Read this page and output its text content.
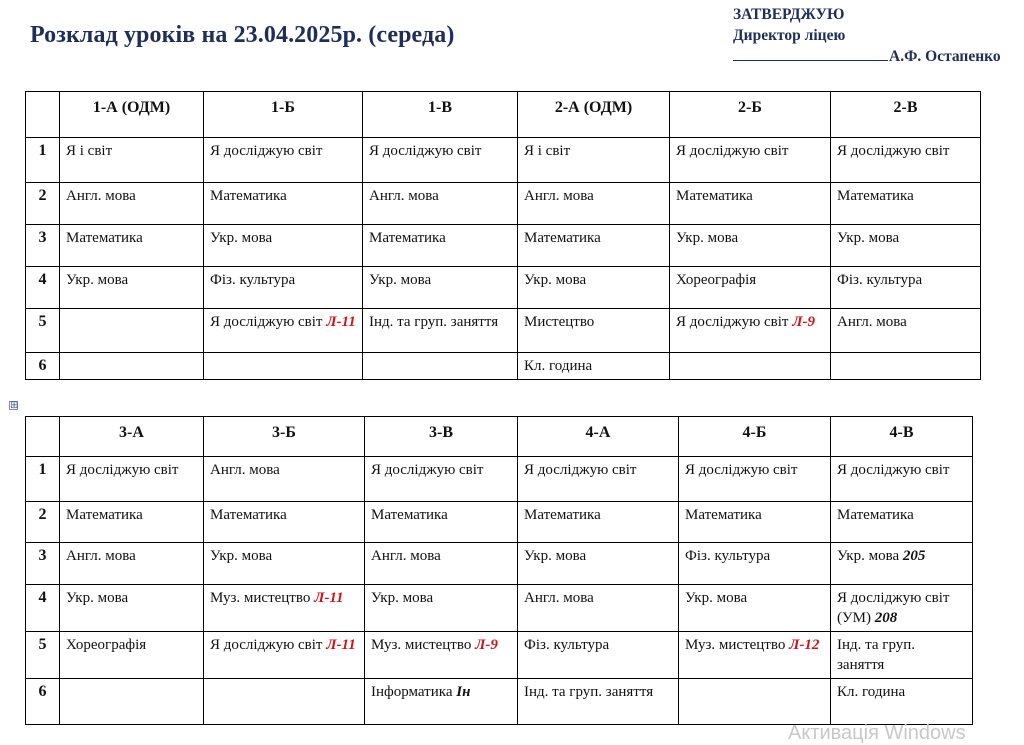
Розклад уроків на 23.04.2025р. (середа)
ЗАТВЕРДЖУЮ
Директор ліцею
А.Ф. Остапенко
	1-А (ОДМ)	1-Б	1-В	2-А (ОДМ)	2-Б	2-В
1	Я і світ	Я досліджую світ	Я досліджую світ	Я і світ	Я досліджую світ	Я досліджую світ
2	Англ. мова	Математика	Англ. мова	Англ. мова	Математика	Математика
3	Математика	Укр. мова	Математика	Математика	Укр. мова	Укр. мова
4	Укр. мова	Фіз. культура	Укр. мова	Укр. мова	Хореографія	Фіз. культура
5		Я досліджую світ Л-11	Інд. та груп. заняття	Мистецтво	Я досліджую світ Л-9	Англ. мова
6				Кл. година		
⊞
	3-А	3-Б	3-В	4-А	4-Б	4-В
1	Я досліджую світ	Англ. мова	Я досліджую світ	Я досліджую світ	Я досліджую світ	Я досліджую світ
2	Математика	Математика	Математика	Математика	Математика	Математика
3	Англ. мова	Укр. мова	Англ. мова	Укр. мова	Фіз. культура	Укр. мова 205
4	Укр. мова	Муз. мистецтво Л-11	Укр. мова	Англ. мова	Укр. мова	Я досліджую світ (УМ) 208
5	Хореографія	Я досліджую світ Л-11	Муз. мистецтво Л-9	Фіз. культура	Муз. мистецтво Л-12	Інд. та груп. заняття
6			Інформатика Ін	Інд. та груп. заняття		Кл. година
Активація Windows
